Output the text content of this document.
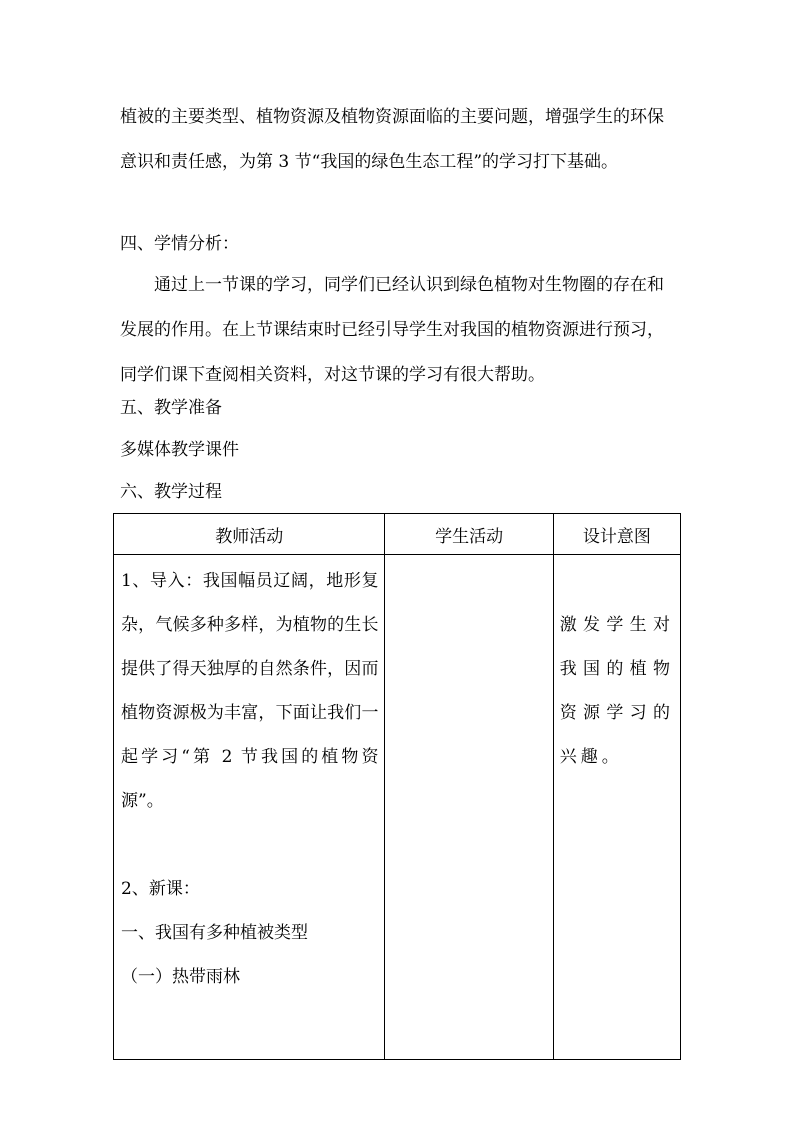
植被的主要类型、植物资源及植物资源面临的主要问题，增强学生的环保意识和责任感，为第 3 节“我国的绿色生态工程”的学习打下基础。

四、学情分析：

通过上一节课的学习，同学们已经认识到绿色植物对生物圈的存在和发展的作用。在上节课结束时已经引导学生对我国的植物资源进行预习，同学们课下查阅相关资料，对这节课的学习有很大帮助。

五、教学准备

多媒体教学课件

六、教学过程

教师活动	学生活动	设计意图

1、导入：我国幅员辽阔，地形复杂，气候多种多样，为植物的生长提供了得天独厚的自然条件，因而植物资源极为丰富，下面让我们一起学习“第 2 节我国的植物资源”。

2、新课：

一、我国有多种植被类型

（一）热带雨林		激发学生对我国的植物资源学习的兴趣。
